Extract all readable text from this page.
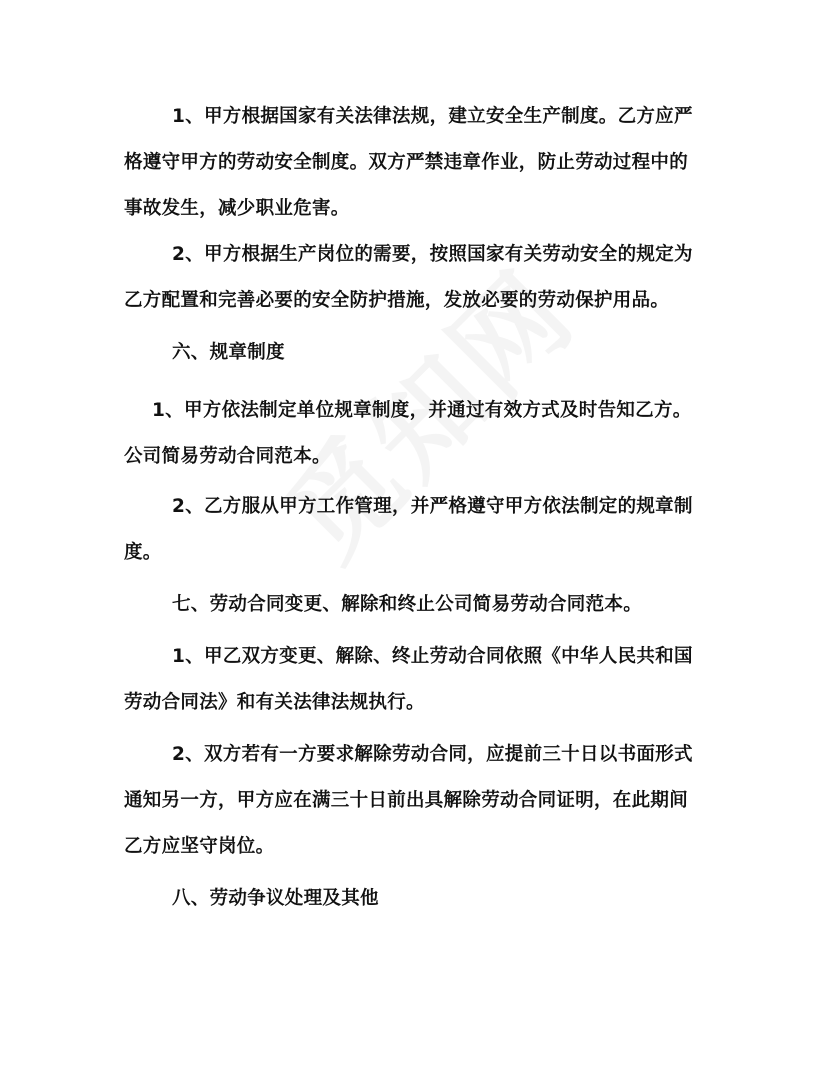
1、甲方根据国家有关法律法规，建立安全生产制度。乙方应严格遵守甲方的劳动安全制度。双方严禁违章作业，防止劳动过程中的事故发生，减少职业危害。

2、甲方根据生产岗位的需要，按照国家有关劳动安全的规定为乙方配置和完善必要的安全防护措施，发放必要的劳动保护用品。

六、规章制度

1、甲方依法制定单位规章制度，并通过有效方式及时告知乙方。公司简易劳动合同范本。

2、乙方服从甲方工作管理，并严格遵守甲方依法制定的规章制度。

七、劳动合同变更、解除和终止公司简易劳动合同范本。

1、甲乙双方变更、解除、终止劳动合同依照《中华人民共和国劳动合同法》和有关法律法规执行。

2、双方若有一方要求解除劳动合同，应提前三十日以书面形式通知另一方，甲方应在满三十日前出具解除劳动合同证明，在此期间乙方应坚守岗位。

八、劳动争议处理及其他
